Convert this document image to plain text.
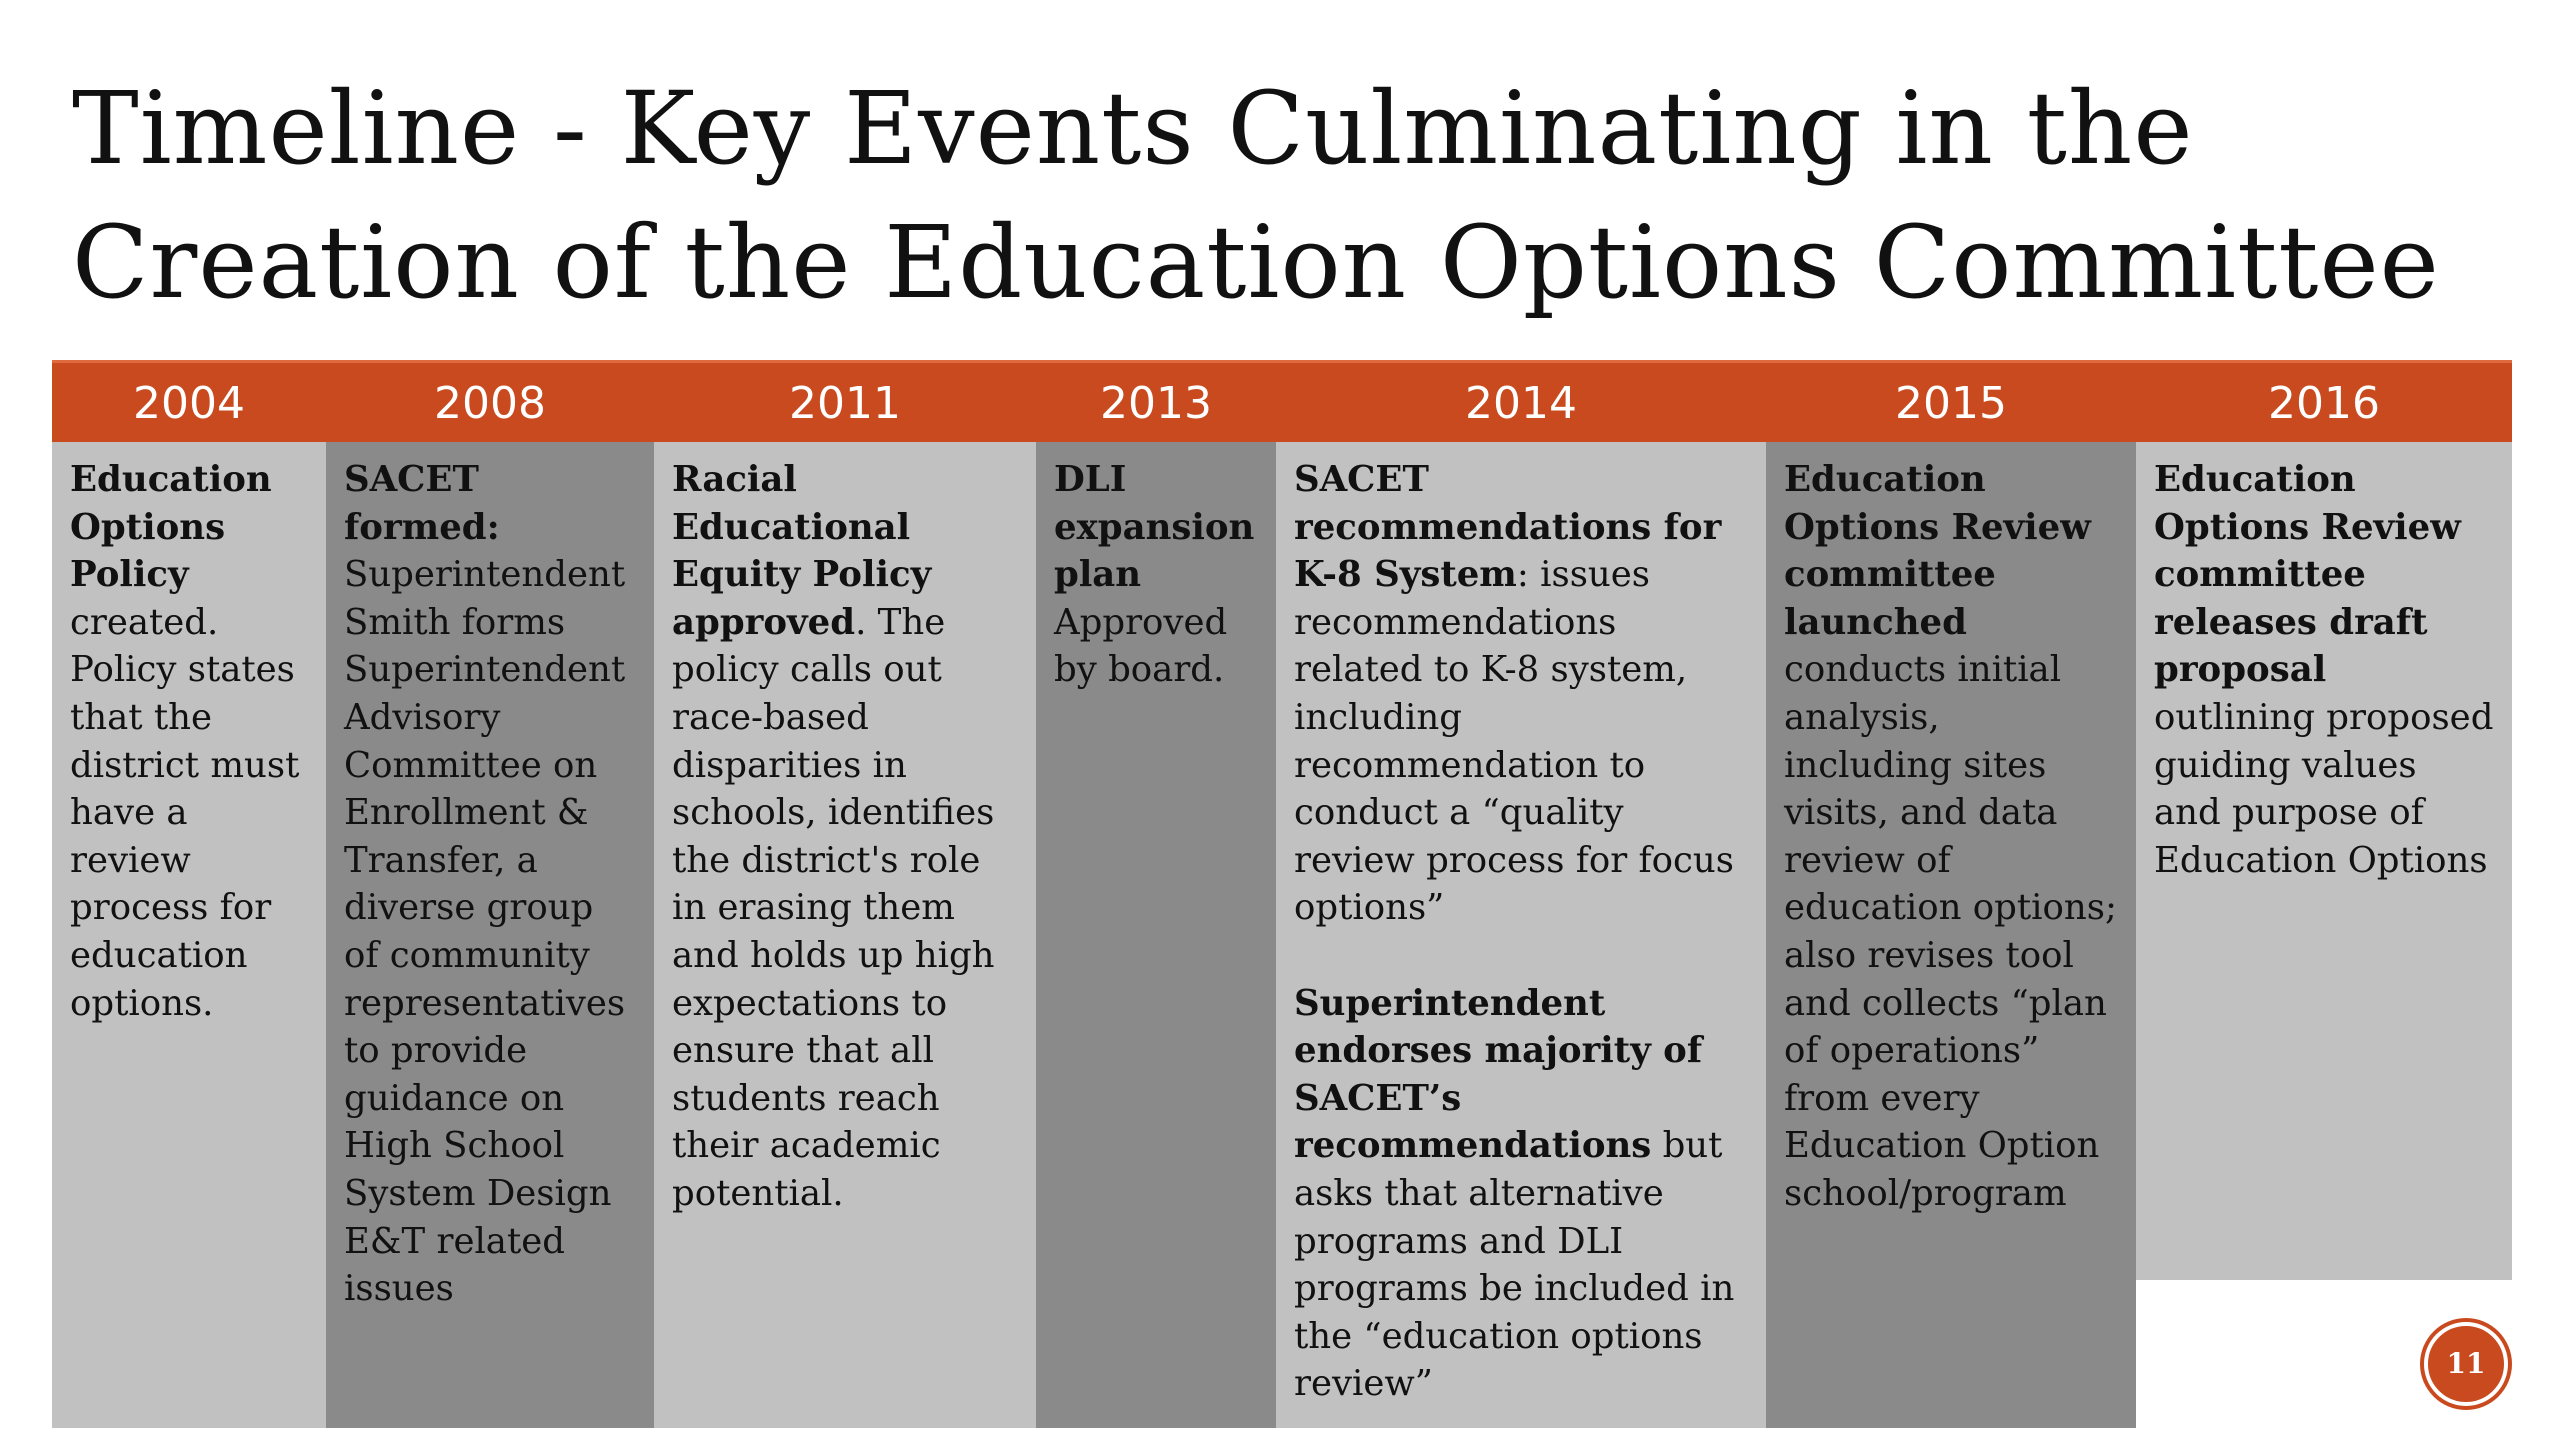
Timeline - Key Events Culminating in the
Creation of the Education Options Committee
2004

Education Options Policy created. Policy states that the district must have a review process for education options.

2008

SACET formed: Superintendent Smith forms Superintendent Advisory Committee on Enrollment & Transfer, a diverse group of community representatives to provide guidance on High School System Design E&T related issues

2011

Racial Educational Equity Policy approved. The policy calls out race-based disparities in schools, identifies the district's role in erasing them and holds up high expectations to ensure that all students reach their academic potential.

2013

DLI expansion plan Approved by board.

2014

SACET recommendations for K-8 System: issues recommendations related to K-8 system, including recommendation to conduct a “quality review process for focus options”

Superintendent endorses majority of SACET’s recommendations but asks that alternative programs and DLI programs be included in the “education options review”

2015

Education Options Review committee launched conducts initial analysis, including sites visits, and data review of education options; also revises tool and collects “plan of operations” from every Education Option school/program

2016

Education Options Review committee releases draft proposal outlining proposed guiding values and purpose of Education Options

11
